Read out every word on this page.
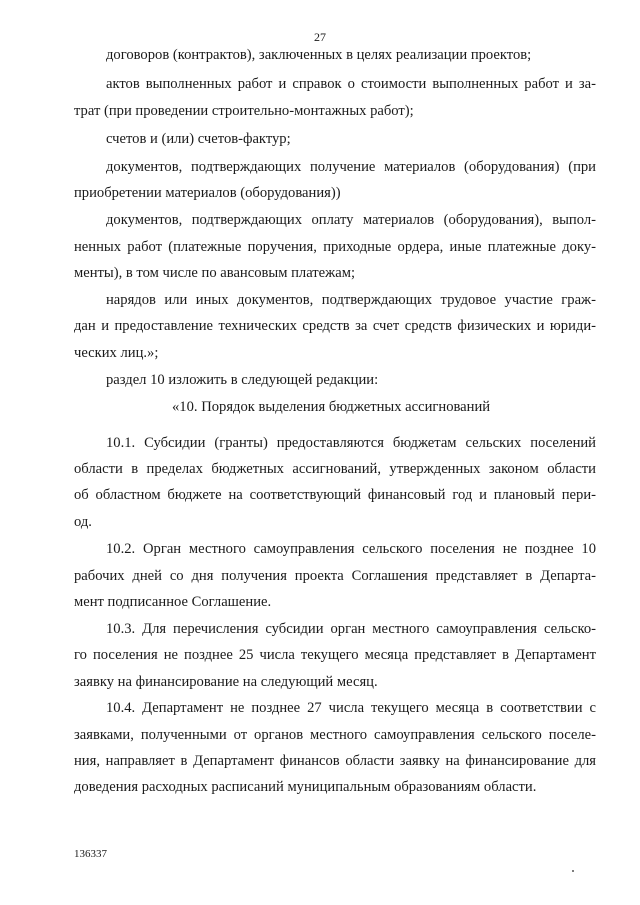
27
договоров (контрактов), заключенных в целях реализации проектов;
актов выполненных работ и справок о стоимости выполненных работ и за-
трат (при проведении строительно-монтажных работ);
счетов и (или) счетов-фактур;
документов, подтверждающих получение материалов (оборудования) (при
приобретении материалов (оборудования))
документов, подтверждающих оплату материалов (оборудования), выпол-
ненных работ (платежные поручения, приходные ордера, иные платежные доку-
менты), в том числе по авансовым платежам;
нарядов или иных документов, подтверждающих трудовое участие граж-
дан и предоставление технических средств за счет средств физических и юриди-
ческих лиц.»;
раздел 10 изложить в следующей редакции:
«10. Порядок выделения бюджетных ассигнований
10.1. Субсидии (гранты) предоставляются бюджетам сельских поселений
области в пределах бюджетных ассигнований, утвержденных законом области
об областном бюджете на соответствующий финансовый год и плановый пери-
од.
10.2. Орган местного самоуправления сельского поселения не позднее 10
рабочих дней со дня получения проекта Соглашения представляет в Департа-
мент подписанное Соглашение.
10.3. Для перечисления субсидии орган местного самоуправления сельско-
го поселения не позднее 25 числа текущего месяца представляет в Департамент
заявку на финансирование на следующий месяц.
10.4. Департамент не позднее 27 числа текущего месяца в соответствии с
заявками, полученными от органов местного самоуправления сельского поселе-
ния, направляет в Департамент финансов области заявку на финансирование для
доведения расходных расписаний муниципальным образованиям области.
136337
